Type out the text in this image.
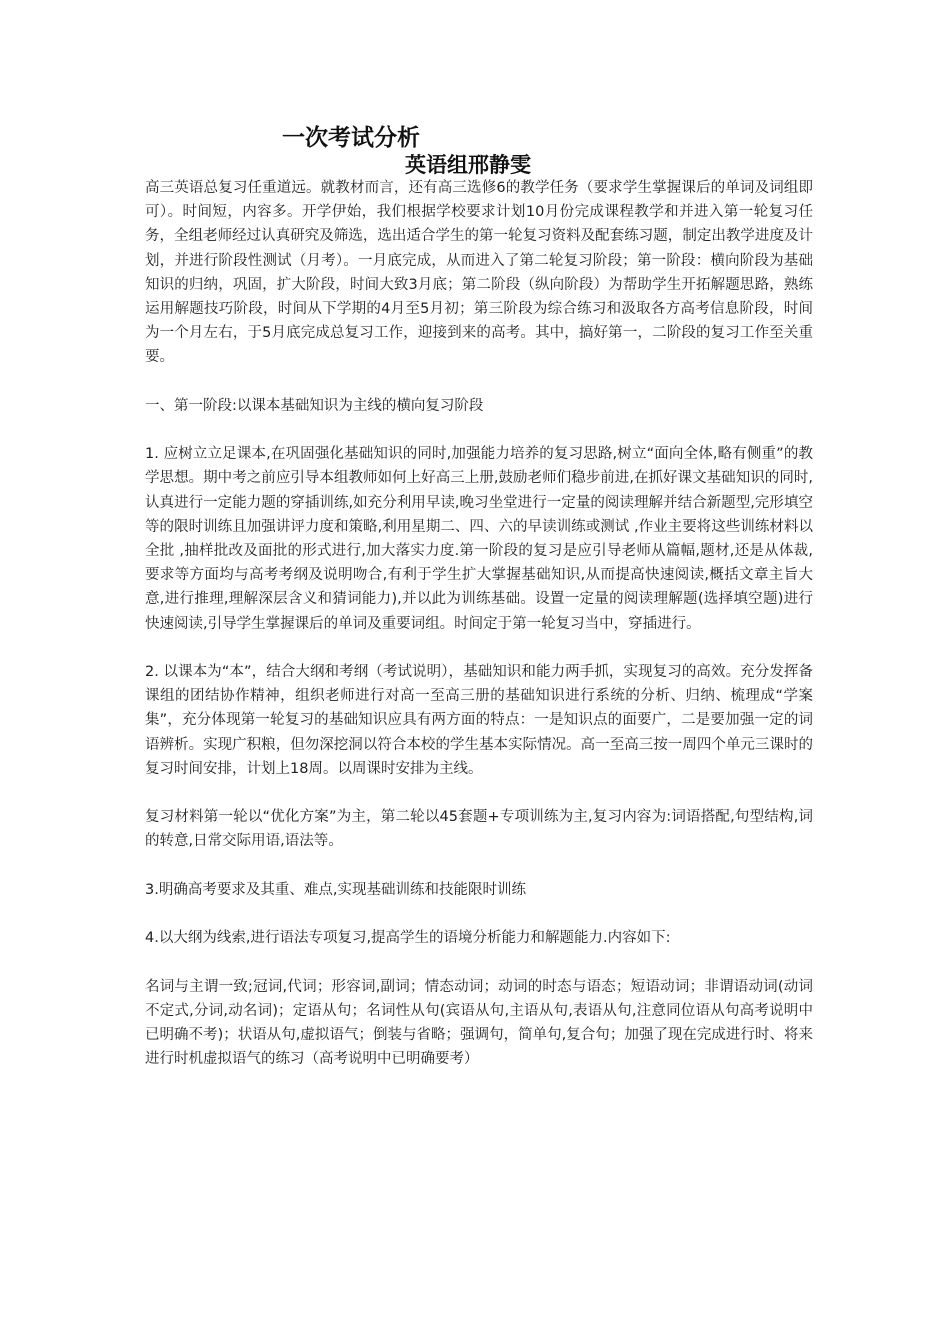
一次考试分析
英语组邢静雯

高三英语总复习任重道远。就教材而言，还有高三选修6的教学任务（要求学生掌握课后的单词及词组即可）。时间短，内容多。开学伊始，我们根据学校要求计划10月份完成课程教学和并进入第一轮复习任务，全组老师经过认真研究及筛选，选出适合学生的第一轮复习资料及配套练习题，制定出教学进度及计划，并进行阶段性测试（月考）。一月底完成，从而进入了第二轮复习阶段；第一阶段：横向阶段为基础知识的归纳，巩固，扩大阶段，时间大致3月底；第二阶段（纵向阶段）为帮助学生开拓解题思路，熟练运用解题技巧阶段，时间从下学期的4月至5月初；第三阶段为综合练习和汲取各方高考信息阶段，时间为一个月左右，于5月底完成总复习工作，迎接到来的高考。其中，搞好第一，二阶段的复习工作至关重要。

一、第一阶段:以课本基础知识为主线的横向复习阶段

1. 应树立立足课本,在巩固强化基础知识的同时,加强能力培养的复习思路,树立“面向全体,略有侧重”的教学思想。期中考之前应引导本组教师如何上好高三上册,鼓励老师们稳步前进,在抓好课文基础知识的同时,认真进行一定能力题的穿插训练,如充分利用早读,晚习坐堂进行一定量的阅读理解并结合新题型,完形填空等的限时训练且加强讲评力度和策略,利用星期二、四、六的早读训练或测试 ,作业主要将这些训练材料以全批 ,抽样批改及面批的形式进行,加大落实力度.第一阶段的复习是应引导老师从篇幅,题材,还是从体裁,要求等方面均与高考考纲及说明吻合,有利于学生扩大掌握基础知识,从而提高快速阅读,概括文章主旨大意,进行推理,理解深层含义和猜词能力),并以此为训练基础。设置一定量的阅读理解题(选择填空题)进行快速阅读,引导学生掌握课后的单词及重要词组。时间定于第一轮复习当中，穿插进行。

2. 以课本为“本”，结合大纲和考纲（考试说明），基础知识和能力两手抓，实现复习的高效。充分发挥备课组的团结协作精神，组织老师进行对高一至高三册的基础知识进行系统的分析、归纳、梳理成“学案集”，充分体现第一轮复习的基础知识应具有两方面的特点：一是知识点的面要广，二是要加强一定的词语辨析。实现广积粮，但勿深挖洞以符合本校的学生基本实际情况。高一至高三按一周四个单元三课时的复习时间安排，计划上18周。以周课时安排为主线。

复习材料第一轮以“优化方案”为主，第二轮以45套题+专项训练为主,复习内容为:词语搭配,句型结构,词的转意,日常交际用语,语法等。

3.明确高考要求及其重、难点,实现基础训练和技能限时训练

4.以大纲为线索,进行语法专项复习,提高学生的语境分析能力和解题能力.内容如下:

名词与主谓一致;冠词,代词；形容词,副词；情态动词；动词的时态与语态；短语动词；非谓语动词(动词不定式,分词,动名词)；定语从句；名词性从句(宾语从句,主语从句,表语从句,注意同位语从句高考说明中已明确不考)；状语从句,虚拟语气；倒装与省略；强调句，简单句,复合句；加强了现在完成进行时、将来进行时机虚拟语气的练习（高考说明中已明确要考）
